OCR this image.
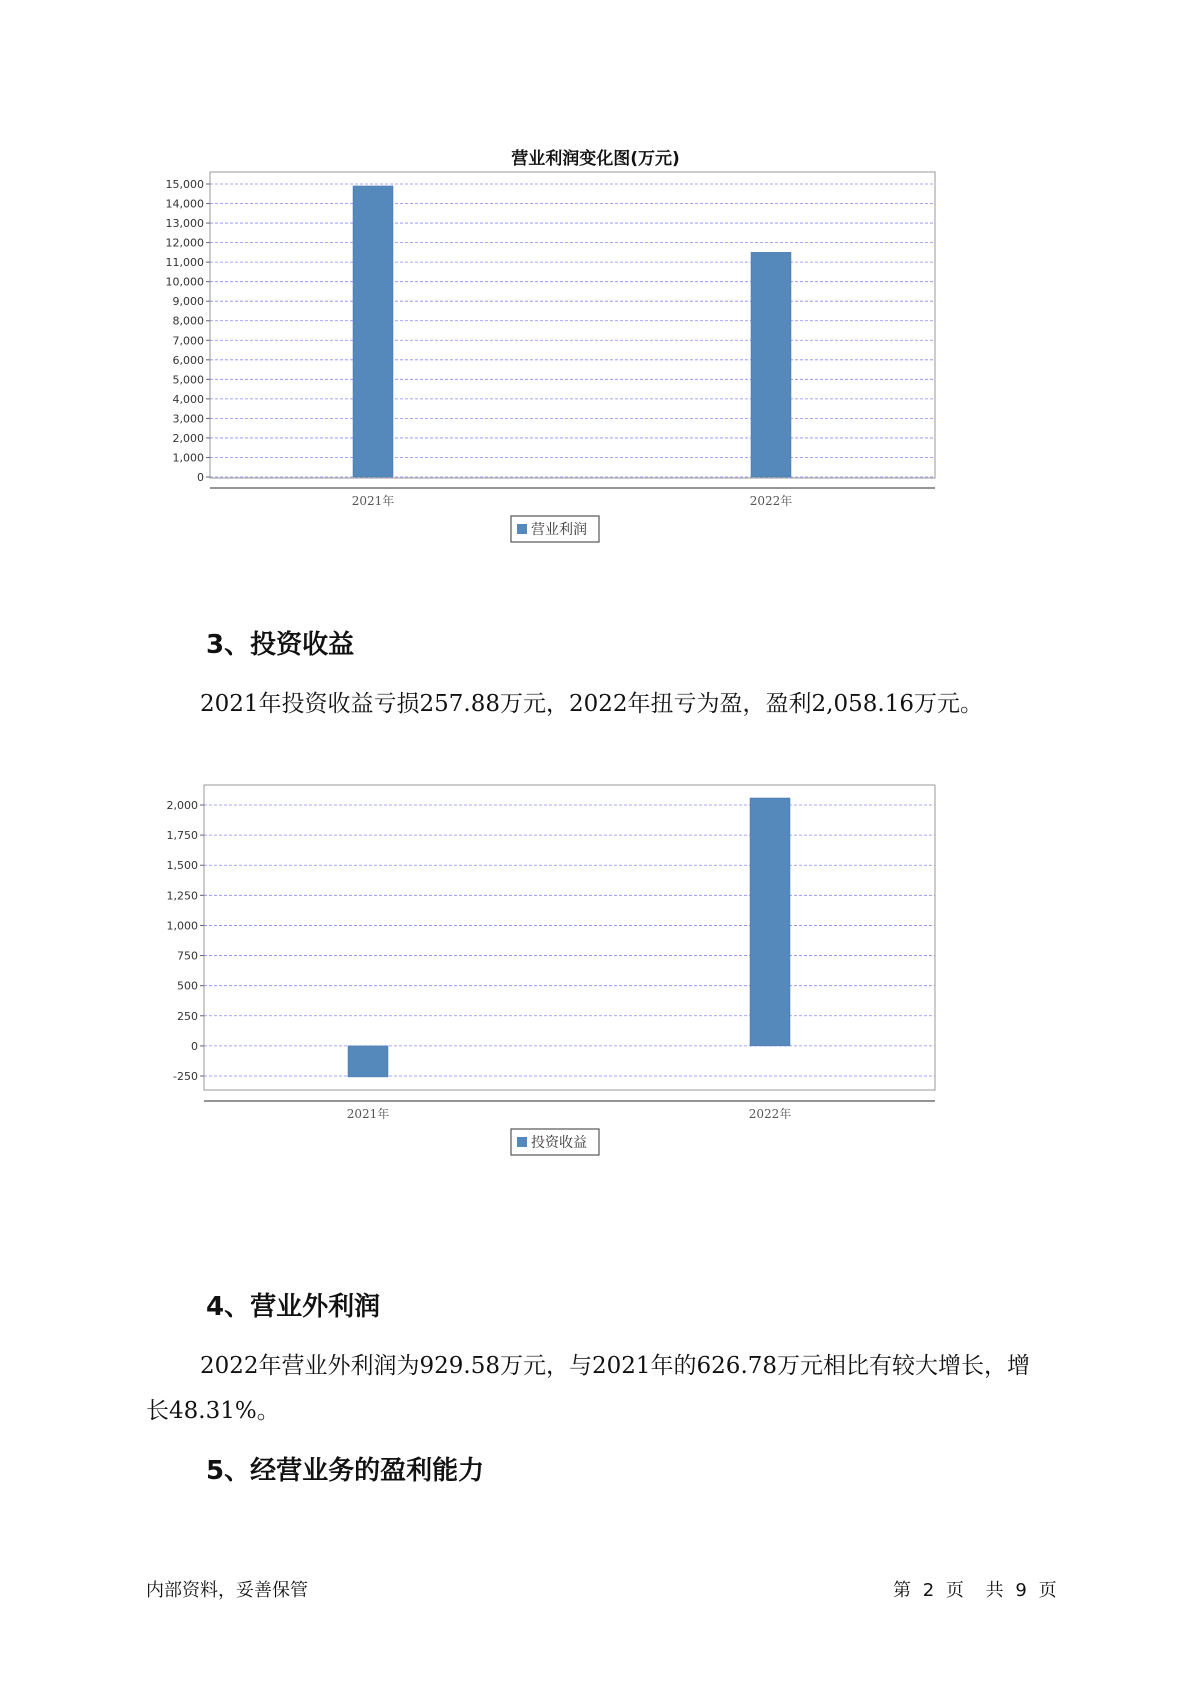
营业利润变化图(万元)
0
1,000
2,000
3,000
4,000
5,000
6,000
7,000
8,000
9,000
10,000
11,000
12,000
13,000
14,000
15,000
2021年	2022年
营业利润
3、投资收益

2021年投资收益亏损257.88万元，2022年扭亏为盈，盈利2,058.16万元。

-250
0
250
500
750
1,000
1,250
1,500
1,750
2,000
2021年	2022年
投资收益
4、营业外利润

2022年营业外利润为929.58万元，与2021年的626.78万元相比有较大增长，增长48.31%。

5、经营业务的盈利能力
内部资料，妥善保管	第 2 页 共 9 页
